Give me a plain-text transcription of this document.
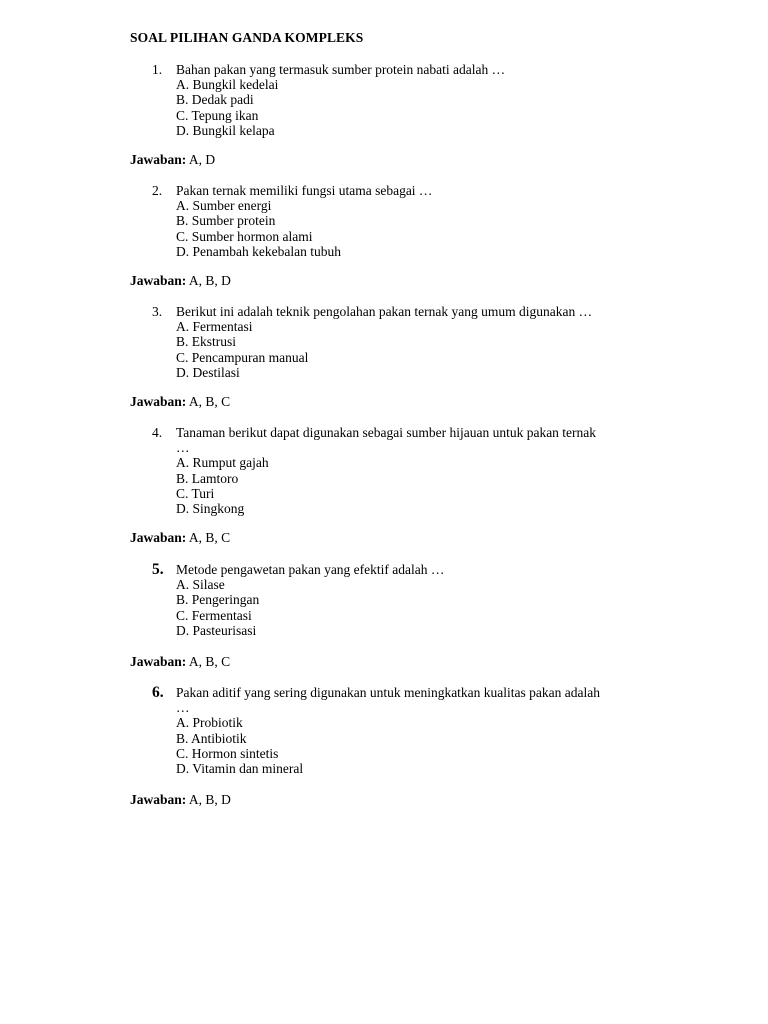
SOAL PILIHAN GANDA KOMPLEKS
1.	Bahan pakan yang termasuk sumber protein nabati adalah …
A. Bungkil kedelai
B. Dedak padi
C. Tepung ikan
D. Bungkil kelapa
Jawaban: A, D
2.	Pakan ternak memiliki fungsi utama sebagai …
A. Sumber energi
B. Sumber protein
C. Sumber hormon alami
D. Penambah kekebalan tubuh
Jawaban: A, B, D
3.	Berikut ini adalah teknik pengolahan pakan ternak yang umum digunakan …
A. Fermentasi
B. Ekstrusi
C. Pencampuran manual
D. Destilasi
Jawaban: A, B, C
4.	Tanaman berikut dapat digunakan sebagai sumber hijauan untuk pakan ternak
…
A. Rumput gajah
B. Lamtoro
C. Turi
D. Singkong
Jawaban: A, B, C
5. Metode pengawetan pakan yang efektif adalah …
A. Silase
B. Pengeringan
C. Fermentasi
D. Pasteurisasi
Jawaban: A, B, C
6. Pakan aditif yang sering digunakan untuk meningkatkan kualitas pakan adalah
…
A. Probiotik
B. Antibiotik
C. Hormon sintetis
D. Vitamin dan mineral
Jawaban: A, B, D
